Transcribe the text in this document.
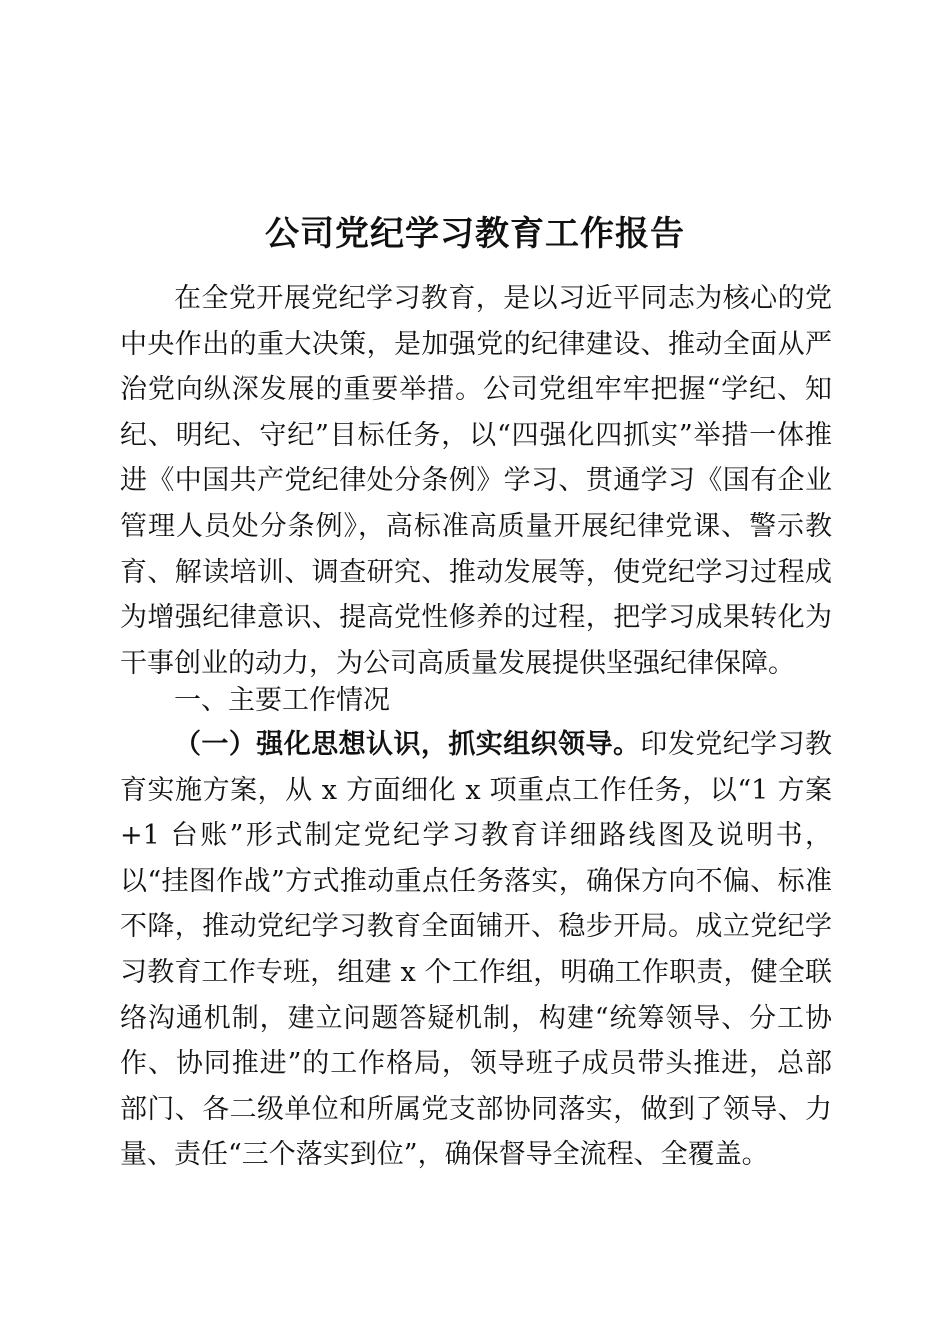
公司党纪学习教育工作报告

在全党开展党纪学习教育，是以习近平同志为核心的党中央作出的重大决策，是加强党的纪律建设、推动全面从严治党向纵深发展的重要举措。公司党组牢牢把握“学纪、知纪、明纪、守纪”目标任务，以“四强化四抓实”举措一体推进《中国共产党纪律处分条例》学习、贯通学习《国有企业管理人员处分条例》，高标准高质量开展纪律党课、警示教育、解读培训、调查研究、推动发展等，使党纪学习过程成为增强纪律意识、提高党性修养的过程，把学习成果转化为干事创业的动力，为公司高质量发展提供坚强纪律保障。

一、主要工作情况

（一）强化思想认识，抓实组织领导。印发党纪学习教育实施方案，从 x 方面细化 x 项重点工作任务，以“1 方案+1 台账”形式制定党纪学习教育详细路线图及说明书，以“挂图作战”方式推动重点任务落实，确保方向不偏、标准不降，推动党纪学习教育全面铺开、稳步开局。成立党纪学习教育工作专班，组建 x 个工作组，明确工作职责，健全联络沟通机制，建立问题答疑机制，构建“统筹领导、分工协作、协同推进”的工作格局，领导班子成员带头推进，总部部门、各二级单位和所属党支部协同落实，做到了领导、力量、责任“三个落实到位”，确保督导全流程、全覆盖。
